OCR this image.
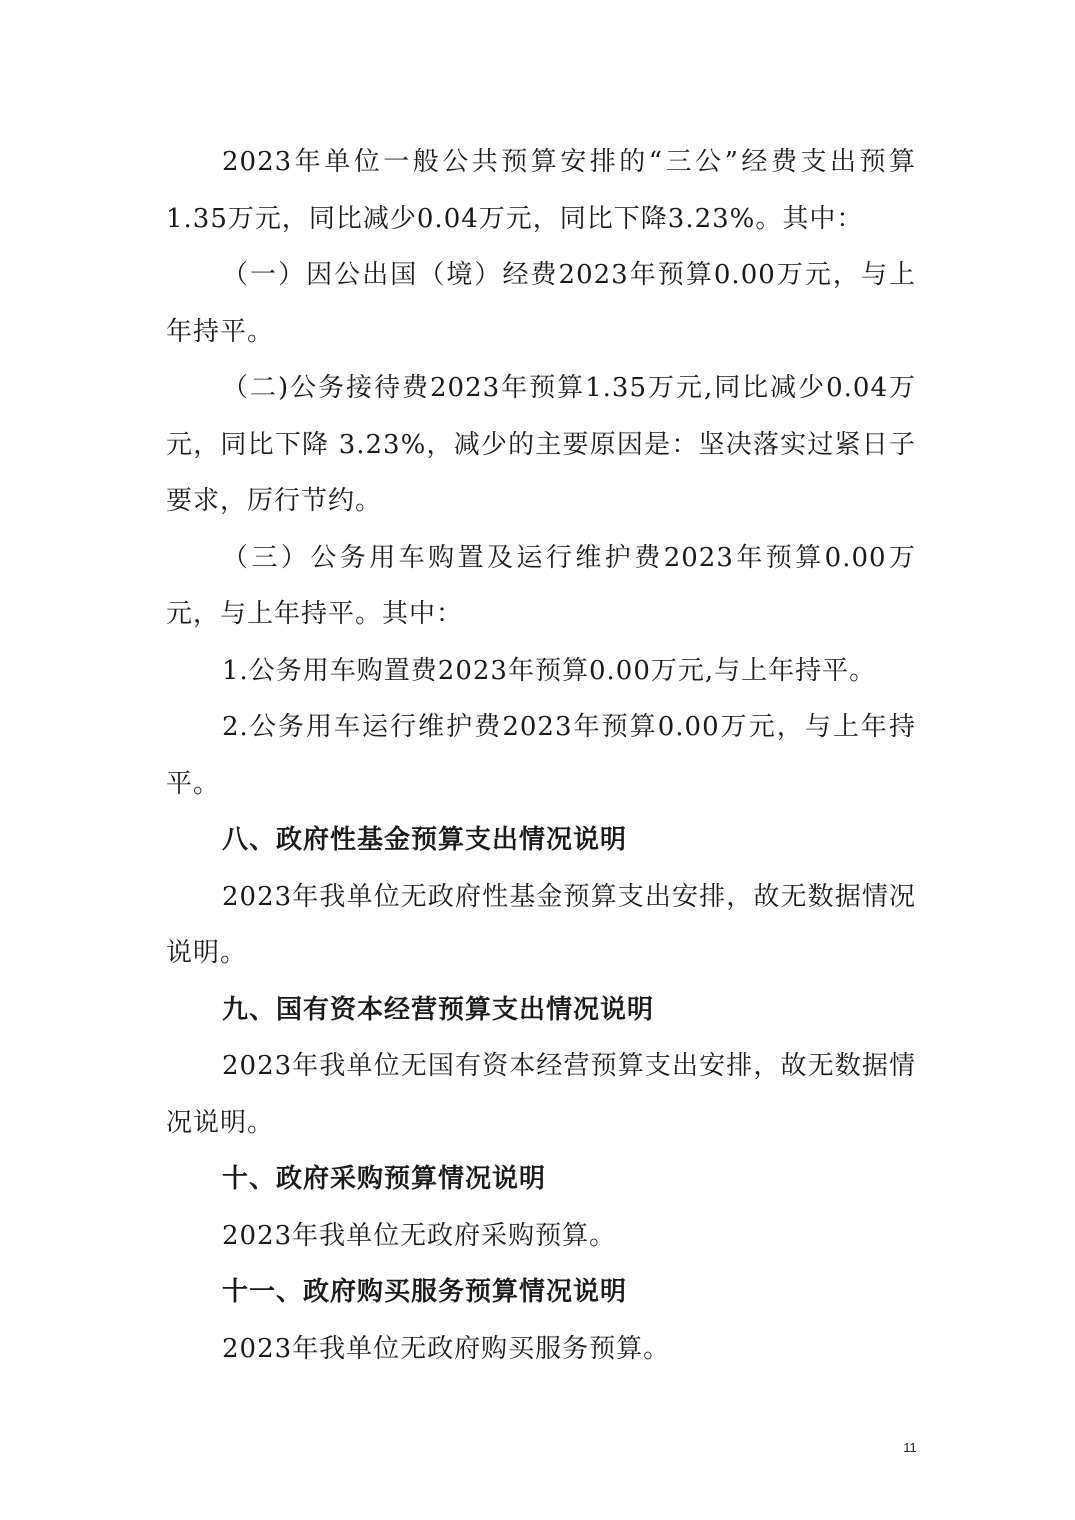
2023年单位一般公共预算安排的“三公”经费支出预算1.35万元，同比减少0.04万元，同比下降3.23%。其中：

（一）因公出国（境）经费2023年预算0.00万元，与上年持平。

（二)公务接待费2023年预算1.35万元,同比减少0.04万元，同比下降 3.23%，减少的主要原因是：坚决落实过紧日子要求，厉行节约。

（三）公务用车购置及运行维护费2023年预算0.00万元，与上年持平。其中：

1.公务用车购置费2023年预算0.00万元,与上年持平。

2.公务用车运行维护费2023年预算0.00万元，与上年持平。

八、政府性基金预算支出情况说明

2023年我单位无政府性基金预算支出安排，故无数据情况说明。

九、国有资本经营预算支出情况说明

2023年我单位无国有资本经营预算支出安排，故无数据情况说明。

十、政府采购预算情况说明

2023年我单位无政府采购预算。

十一、政府购买服务预算情况说明

2023年我单位无政府购买服务预算。

11
